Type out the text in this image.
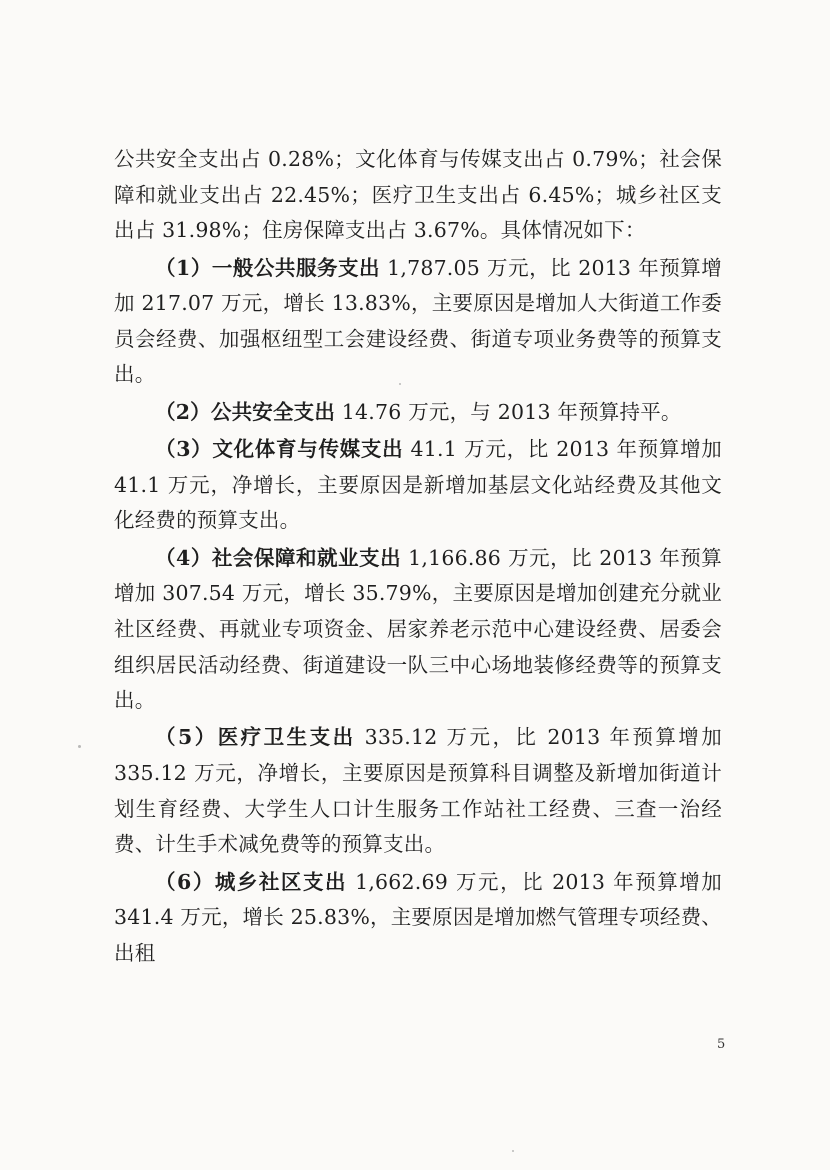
公共安全支出占 0.28%；文化体育与传媒支出占 0.79%；社会保障和就业支出占 22.45%；医疗卫生支出占 6.45%；城乡社区支出占 31.98%；住房保障支出占 3.67%。具体情况如下：

（1）一般公共服务支出 1,787.05 万元，比 2013 年预算增加 217.07 万元，增长 13.83%，主要原因是增加人大街道工作委员会经费、加强枢纽型工会建设经费、街道专项业务费等的预算支出。

（2）公共安全支出 14.76 万元，与 2013 年预算持平。

（3）文化体育与传媒支出 41.1 万元，比 2013 年预算增加 41.1 万元，净增长，主要原因是新增加基层文化站经费及其他文化经费的预算支出。

（4）社会保障和就业支出 1,166.86 万元，比 2013 年预算增加 307.54 万元，增长 35.79%，主要原因是增加创建充分就业社区经费、再就业专项资金、居家养老示范中心建设经费、居委会组织居民活动经费、街道建设一队三中心场地装修经费等的预算支出。

（5）医疗卫生支出 335.12 万元，比 2013 年预算增加 335.12 万元，净增长，主要原因是预算科目调整及新增加街道计划生育经费、大学生人口计生服务工作站社工经费、三查一治经费、计生手术减免费等的预算支出。

（6）城乡社区支出 1,662.69 万元，比 2013 年预算增加 341.4 万元，增长 25.83%，主要原因是增加燃气管理专项经费、出租

5
